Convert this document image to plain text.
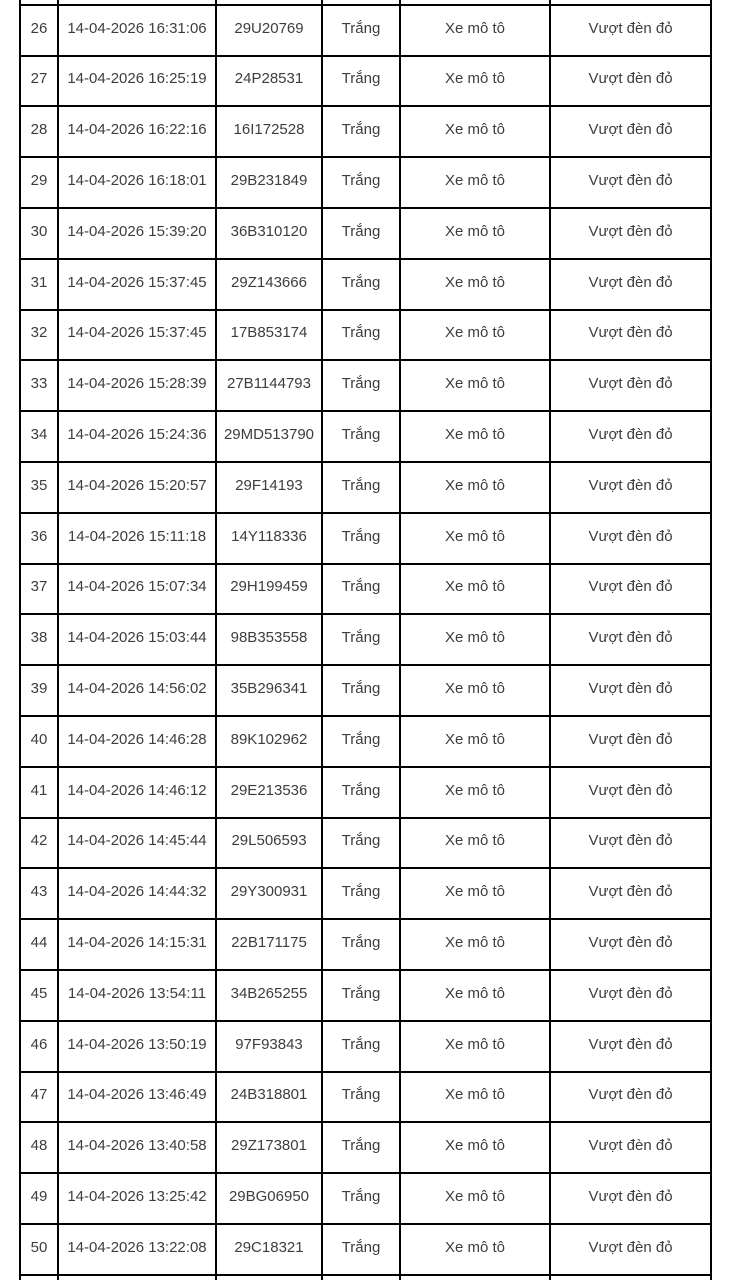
26	14-04-2026 16:31:06	29U20769	Trắng	Xe mô tô	Vượt đèn đỏ
27	14-04-2026 16:25:19	24P28531	Trắng	Xe mô tô	Vượt đèn đỏ
28	14-04-2026 16:22:16	16I172528	Trắng	Xe mô tô	Vượt đèn đỏ
29	14-04-2026 16:18:01	29B231849	Trắng	Xe mô tô	Vượt đèn đỏ
30	14-04-2026 15:39:20	36B310120	Trắng	Xe mô tô	Vượt đèn đỏ
31	14-04-2026 15:37:45	29Z143666	Trắng	Xe mô tô	Vượt đèn đỏ
32	14-04-2026 15:37:45	17B853174	Trắng	Xe mô tô	Vượt đèn đỏ
33	14-04-2026 15:28:39	27B1144793	Trắng	Xe mô tô	Vượt đèn đỏ
34	14-04-2026 15:24:36	29MD513790	Trắng	Xe mô tô	Vượt đèn đỏ
35	14-04-2026 15:20:57	29F14193	Trắng	Xe mô tô	Vượt đèn đỏ
36	14-04-2026 15:11:18	14Y118336	Trắng	Xe mô tô	Vượt đèn đỏ
37	14-04-2026 15:07:34	29H199459	Trắng	Xe mô tô	Vượt đèn đỏ
38	14-04-2026 15:03:44	98B353558	Trắng	Xe mô tô	Vượt đèn đỏ
39	14-04-2026 14:56:02	35B296341	Trắng	Xe mô tô	Vượt đèn đỏ
40	14-04-2026 14:46:28	89K102962	Trắng	Xe mô tô	Vượt đèn đỏ
41	14-04-2026 14:46:12	29E213536	Trắng	Xe mô tô	Vượt đèn đỏ
42	14-04-2026 14:45:44	29L506593	Trắng	Xe mô tô	Vượt đèn đỏ
43	14-04-2026 14:44:32	29Y300931	Trắng	Xe mô tô	Vượt đèn đỏ
44	14-04-2026 14:15:31	22B171175	Trắng	Xe mô tô	Vượt đèn đỏ
45	14-04-2026 13:54:11	34B265255	Trắng	Xe mô tô	Vượt đèn đỏ
46	14-04-2026 13:50:19	97F93843	Trắng	Xe mô tô	Vượt đèn đỏ
47	14-04-2026 13:46:49	24B318801	Trắng	Xe mô tô	Vượt đèn đỏ
48	14-04-2026 13:40:58	29Z173801	Trắng	Xe mô tô	Vượt đèn đỏ
49	14-04-2026 13:25:42	29BG06950	Trắng	Xe mô tô	Vượt đèn đỏ
50	14-04-2026 13:22:08	29C18321	Trắng	Xe mô tô	Vượt đèn đỏ
